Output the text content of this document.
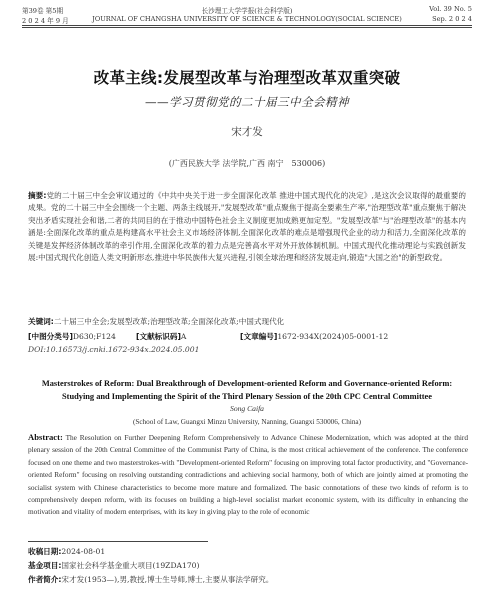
第39卷 第5期	长沙理工大学学报(社会科学版)	Vol. 39 No. 5
2 0 2 4 年 9 月	JOURNAL OF CHANGSHA UNIVERSITY OF SCIENCE & TECHNOLOGY(SOCIAL SCIENCE)	Sep. 2 0 2 4
改革主线:发展型改革与治理型改革双重突破
——学习贯彻党的二十届三中全会精神
宋才发
(广西民族大学 法学院,广西 南宁　530006)
摘要:党的二十届三中全会审议通过的《中共中央关于进一步全面深化改革 推进中国式现代化的决定》,是这次会议取得的最重要的成果。党的二十届三中全会围绕一个主题、两条主线展开,"发展型改革"重点聚焦于提高全要素生产率,"治理型改革"重点聚焦于解决突出矛盾实现社会和谐,二者的共同目的在于推动中国特色社会主义制度更加成熟更加定型。"发展型改革"与"治理型改革"的基本内涵是:全面深化改革的重点是构建高水平社会主义市场经济体制,全面深化改革的难点是增强现代企业的动力和活力,全面深化改革的关键是发挥经济体制改革的牵引作用,全面深化改革的着力点是完善高水平对外开放体制机制。中国式现代化推动理论与实践创新发展:中国式现代化创造人类文明新形态,推进中华民族伟大复兴进程,引领全球治理和经济发展走向,锻造"大国之治"的新型政党。
关键词:二十届三中全会;发展型改革;治理型改革;全面深化改革;中国式现代化
[中图分类号]D630;F124	[文献标识码]A	[文章编号]1672-934X(2024)05-0001-12
DOI:10.16573/j.cnki.1672-934x.2024.05.001
Masterstrokes of Reform: Dual Breakthrough of Development-oriented Reform and Governance-oriented Reform:
Studying and Implementing the Spirit of the Third Plenary Session of the 20th CPC Central Committee
Song Caifa
(School of Law, Guangxi Minzu University, Nanning, Guangxi 530006, China)
Abstract: The Resolution on Further Deepening Reform Comprehensively to Advance Chinese Modernization, which was adopted at the third plenary session of the 20th Central Committee of the Communist Party of China, is the most critical achievement of the conference. The conference focused on one theme and two masterstrokes-with "Development-oriented Reform" focusing on improving total factor productivity, and "Governance-oriented Reform" focusing on resolving outstanding contradictions and achieving social harmony, both of which are jointly aimed at promoting the socialist system with Chinese characteristics to become more mature and formalized. The basic connotations of these two kinds of reform is to comprehensively deepen reform, with its focuses on building a high-level socialist market economic system, with its difficulty in enhancing the motivation and vitality of modern enterprises, with its key in giving play to the role of economic
收稿日期:2024-08-01
基金项目:国家社会科学基金重大项目(19ZDA170)
作者简介:宋才发(1953—),男,教授,博士生导师,博士,主要从事法学研究。
